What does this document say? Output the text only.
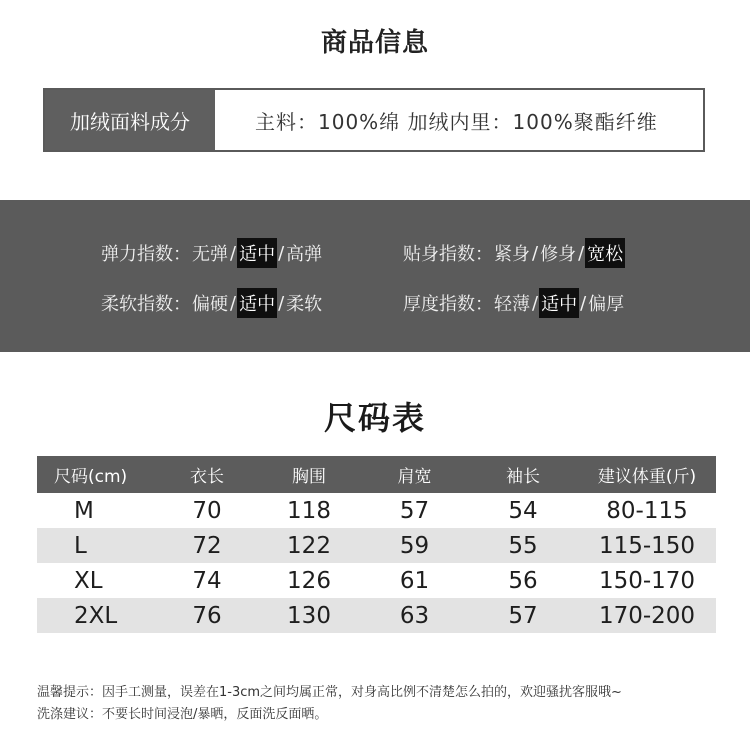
商品信息
加绒面料成分	主料：100%绵 加绒内里：100%聚酯纤维
弹力指数： 无弹 / 适中 / 高弹	贴身指数： 紧身 / 修身 / 宽松
柔软指数： 偏硬 / 适中 / 柔软	厚度指数： 轻薄 / 适中 / 偏厚
尺码表
尺码(cm)	衣长	胸围	肩宽	袖长	建议体重(斤)
M	70	118	57	54	80-115
L	72	122	59	55	115-150
XL	74	126	61	56	150-170
2XL	76	130	63	57	170-200
温馨提示：因手工测量，误差在1-3cm之间均属正常，对身高比例不清楚怎么拍的，欢迎骚扰客服哦~
洗涤建议：不要长时间浸泡/暴晒，反面洗反面晒。
